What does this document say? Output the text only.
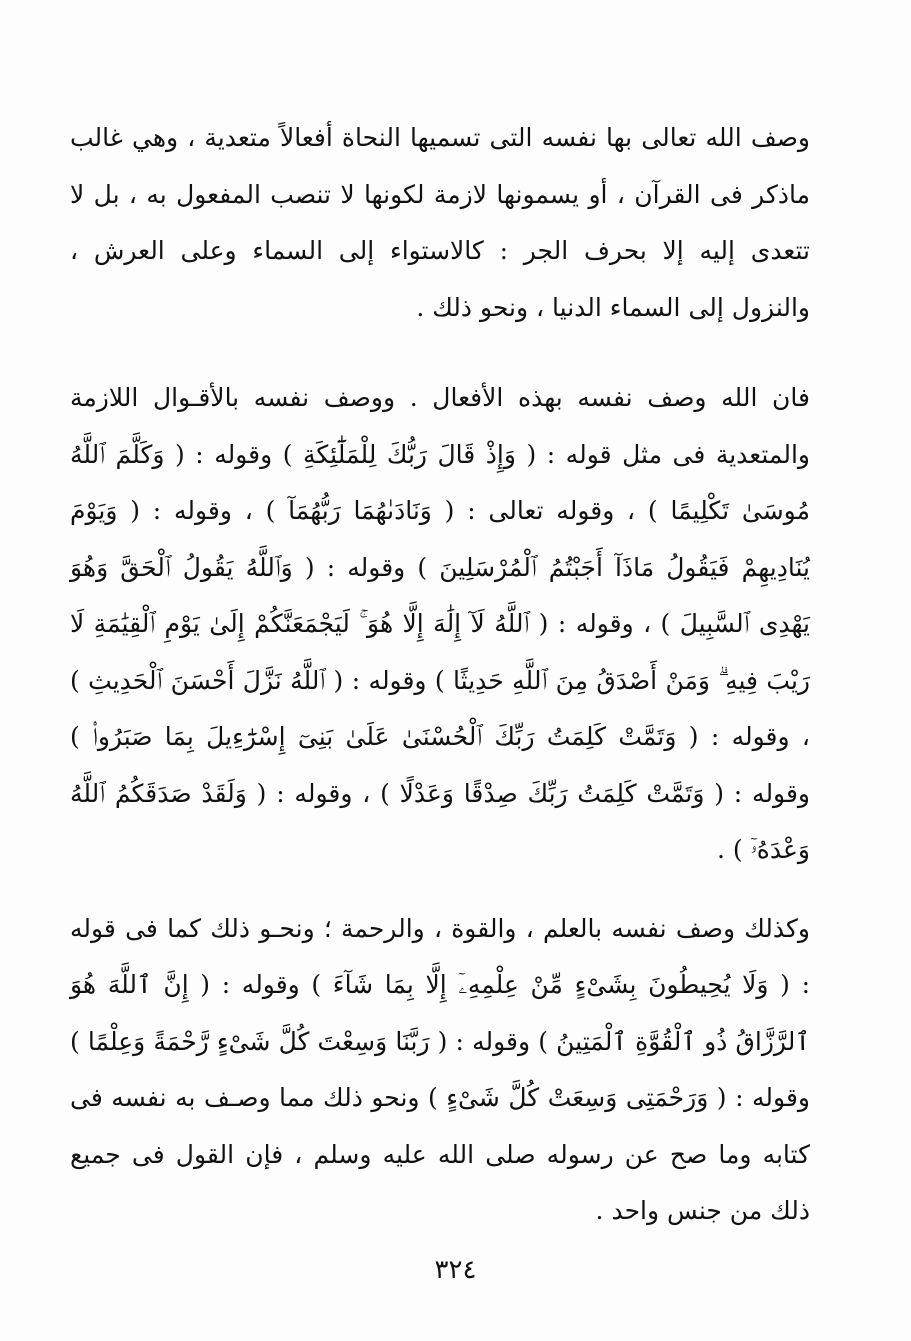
وصف الله تعالى بها نفسه التى تسميها النحاة أفعالاً متعدية ، وهي غالب ماذكر فى القرآن ، أو يسمونها لازمة لكونها لا تنصب المفعول به ، بل لا تتعدى إليه إلا بحرف الجر : كالاستواء إلى السماء وعلى العرش ، والنزول إلى السماء الدنيا ، ونحو ذلك .

فان الله وصف نفسه بهذه الأفعال . ووصف نفسه بالأقـوال اللازمة والمتعدية فى مثل قوله : ( وَإِذْ قَالَ رَبُّكَ لِلْمَلَٰٓئِكَةِ ) وقوله : ( وَكَلَّمَ ٱللَّهُ مُوسَىٰ تَكْلِيمًا ) ، وقوله تعالى : ( وَنَادَىٰهُمَا رَبُّهُمَآ ) ، وقوله : ( وَيَوْمَ يُنَادِيهِمْ فَيَقُولُ مَاذَآ أَجَبْتُمُ ٱلْمُرْسَلِينَ ) وقوله : ( وَٱللَّهُ يَقُولُ ٱلْحَقَّ وَهُوَ يَهْدِى ٱلسَّبِيلَ ) ، وقوله : ( ٱللَّهُ لَآ إِلَٰهَ إِلَّا هُوَ ۚ لَيَجْمَعَنَّكُمْ إِلَىٰ يَوْمِ ٱلْقِيَٰمَةِ لَا رَيْبَ فِيهِ ۗ وَمَنْ أَصْدَقُ مِنَ ٱللَّهِ حَدِيثًا ) وقوله : ( ٱللَّهُ نَزَّلَ أَحْسَنَ ٱلْحَدِيثِ ) ، وقوله : ( وَتَمَّتْ كَلِمَتُ رَبِّكَ ٱلْحُسْنَىٰ عَلَىٰ بَنِىٓ إِسْرَٰٓءِيلَ بِمَا صَبَرُوا۟ ) وقوله : ( وَتَمَّتْ كَلِمَتُ رَبِّكَ صِدْقًا وَعَدْلًا ) ، وقوله : ( وَلَقَدْ صَدَقَكُمُ ٱللَّهُ وَعْدَهُۥٓ ) .

وكذلك وصف نفسه بالعلم ، والقوة ، والرحمة ؛ ونحـو ذلك كما فى قوله : ( وَلَا يُحِيطُونَ بِشَىْءٍ مِّنْ عِلْمِهِۦٓ إِلَّا بِمَا شَآءَ ) وقوله : ( إِنَّ ٱللَّهَ هُوَ ٱلرَّزَّاقُ ذُو ٱلْقُوَّةِ ٱلْمَتِينُ ) وقوله : ( رَبَّنَا وَسِعْتَ كُلَّ شَىْءٍ رَّحْمَةً وَعِلْمًا ) وقوله : ( وَرَحْمَتِى وَسِعَتْ كُلَّ شَىْءٍ ) ونحو ذلك مما وصـف به نفسه فى كتابه وما صح عن رسوله صلى الله عليه وسلم ، فإن القول فى جميع ذلك من جنس واحد .

٣٢٤
